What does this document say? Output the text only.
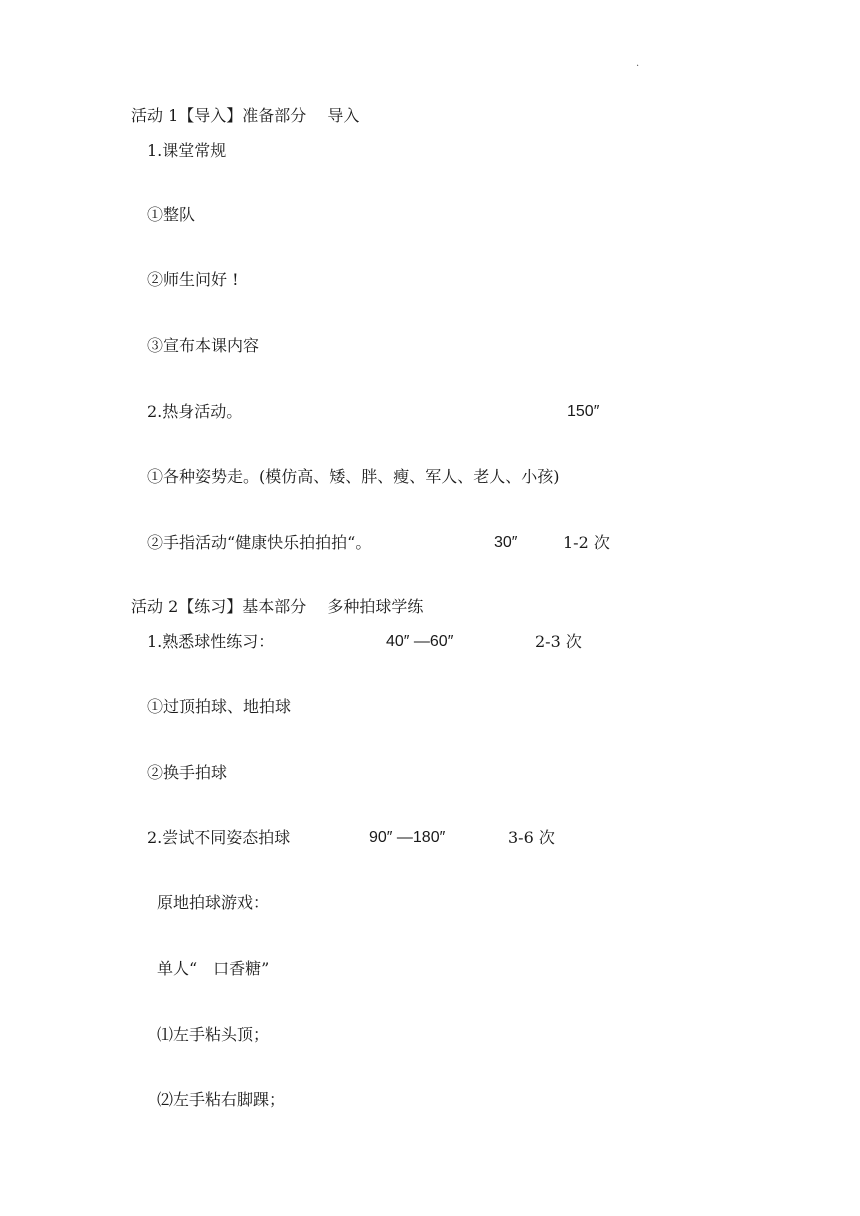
.
活动 1【导入】准备部分　 导入
1.课堂常规
①整队
②师生问好 !
③宣布本课内容
2.热身活动。	150″
①各种姿势走。(模仿高、矮、胖、瘦、军人、老人、小孩)
②手指活动“健康快乐拍拍拍“。	30″	1-2 次
活动 2【练习】基本部分　 多种拍球学练
1.熟悉球性练习：	40″ —60″	2-3 次
①过顶拍球、地拍球
②换手拍球
2.尝试不同姿态拍球	90″ —180″	3-6 次
原地拍球游戏：
单人“　口香糖”
⑴左手粘头顶；
⑵左手粘右脚踝；
